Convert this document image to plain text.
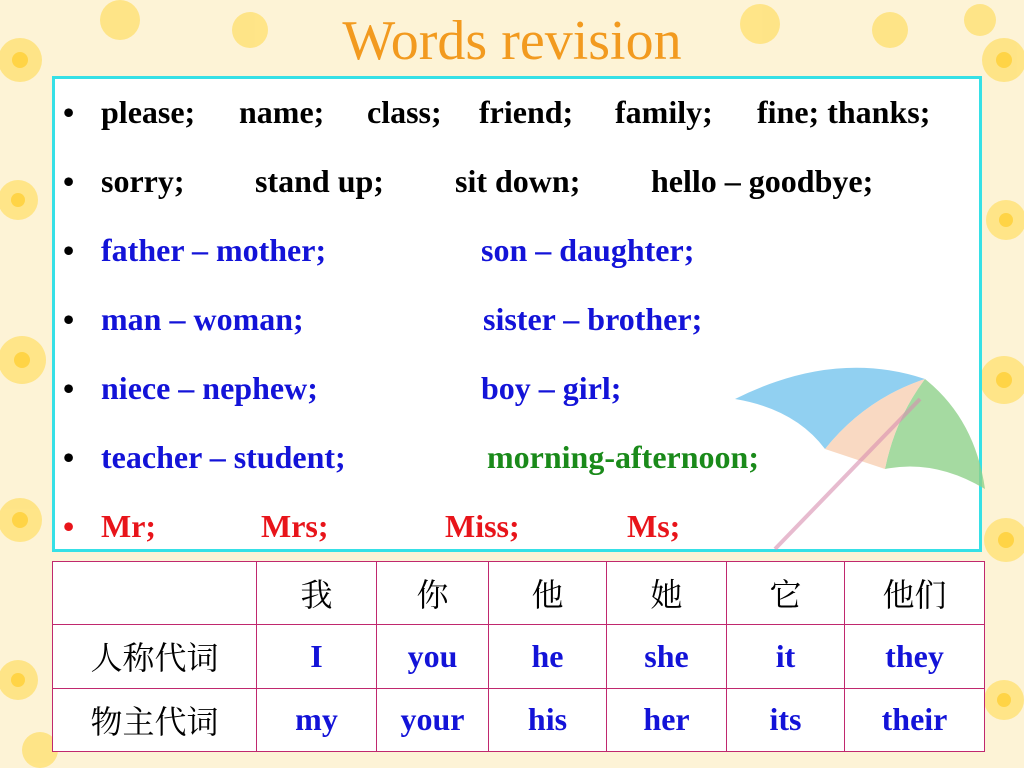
Words revision
• please; name; class; friend; family; fine; thanks;
• sorry; stand up; sit down; hello – goodbye;
• father – mother;	son – daughter;
• man – woman;	sister – brother;
• niece – nephew;	boy – girl;
• teacher – student;	morning-afternoon;
• Mr;	Mrs;	Miss;	Ms;
	我	你	他	她	它	他们
人称代词	I	you	he	she	it	they
物主代词	my	your	his	her	its	their
